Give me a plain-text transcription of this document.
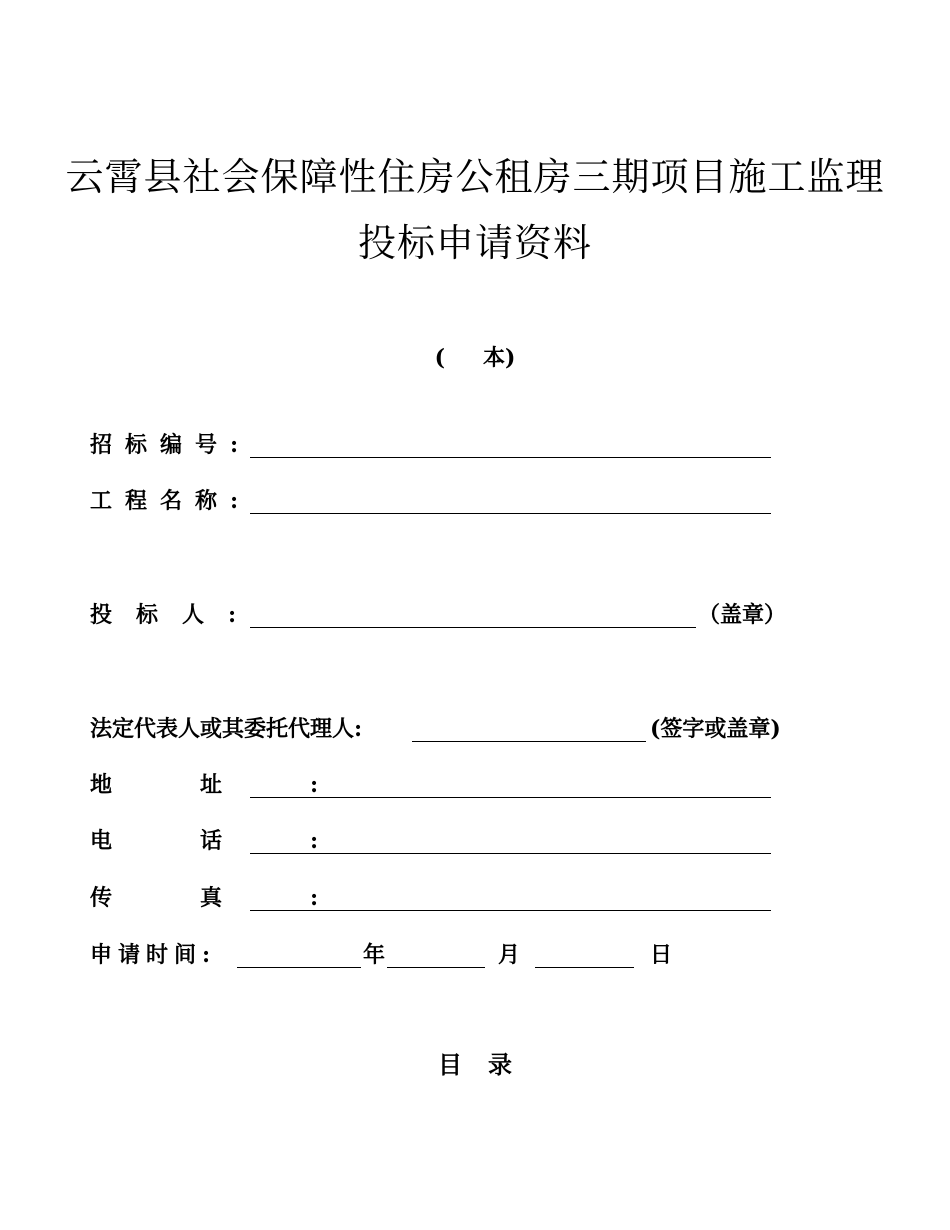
云霄县社会保障性住房公租房三期项目施工监理
投标申请资料
( 本)
招标编号:
工程名称:
投标人:	（盖章）
法定代表人或其委托代理人:	(签字或盖章)
地址:
电话:
传真:
申请时间:	年	月	日
目录
